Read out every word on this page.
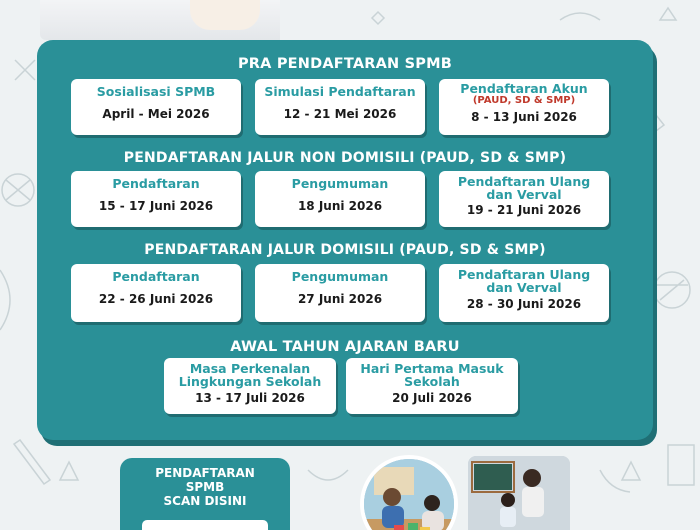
PRA PENDAFTARAN SPMB
Sosialisasi SPMB
April - Mei 2026
Simulasi Pendaftaran
12 - 21 Mei 2026
Pendaftaran Akun
(PAUD, SD & SMP)
8 - 13 Juni 2026
PENDAFTARAN JALUR NON DOMISILI (PAUD, SD & SMP)
Pendaftaran
15 - 17 Juni 2026
Pengumuman
18 Juni 2026
Pendaftaran Ulang
dan Verval
19 - 21 Juni 2026
PENDAFTARAN JALUR DOMISILI (PAUD, SD & SMP)
Pendaftaran
22 - 26 Juni 2026
Pengumuman
27 Juni 2026
Pendaftaran Ulang
dan Verval
28 - 30 Juni 2026
AWAL TAHUN AJARAN BARU
Masa Perkenalan
Lingkungan Sekolah
13 - 17 Juli 2026
Hari Pertama Masuk
Sekolah
20 Juli 2026
PENDAFTARAN
SPMB
SCAN DISINI
